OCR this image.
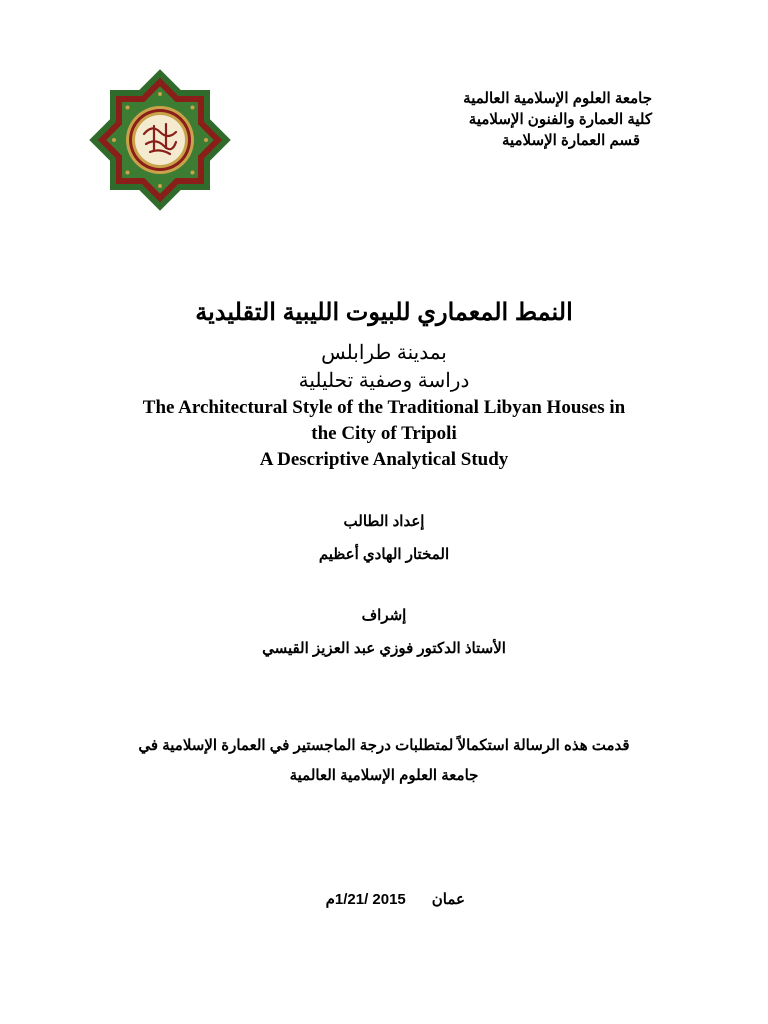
جامعة العلوم الإسلامية العالمية
كلية العمارة والفنون الإسلامية
قسم العمارة الإسلامية
النمط المعماري للبيوت الليبية التقليدية
بمدينة طرابلس
دراسة وصفية تحليلية
The Architectural Style of the Traditional Libyan Houses in
the City of Tripoli
A Descriptive Analytical Study
إعداد الطالب
المختار الهادي أعظيم
إشراف
الأستاذ الدكتور فوزي عبد العزيز القيسي
قدمت هذه الرسالة استكمالاً لمتطلبات درجة الماجستير في العمارة الإسلامية في
جامعة العلوم الإسلامية العالمية
عمان2015 /1/21م
